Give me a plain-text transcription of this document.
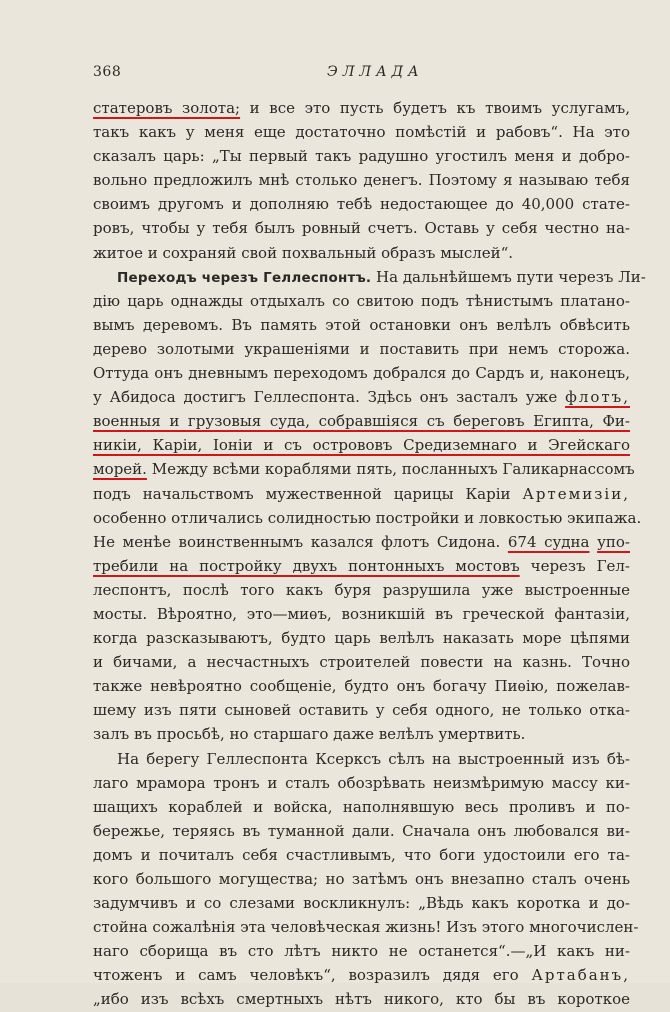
368	ЭЛЛАДА
статеровъ золота; и все это пусть будетъ къ твоимъ услугамъ,
такъ какъ у меня еще достаточно помѣстій и рабовъ“. На это
сказалъ царь: „Ты первый такъ радушно угостилъ меня и добро-
вольно предложилъ мнѣ столько денегъ. Поэтому я называю тебя
своимъ другомъ и дополняю тебѣ недостающее до 40,000 статe-
ровъ, чтобы у тебя былъ ровный счетъ. Оставь у себя честно на-
житое и сохраняй свой похвальный образъ мыслей“.
Переходъ черезъ Геллеспонтъ. На дальнѣйшемъ пути черезъ Ли-
дію царь однажды отдыхалъ со свитою подъ тѣнистымъ платано-
вымъ деревомъ. Въ память этой остановки онъ велѣлъ обвѣсить
дерево золотыми украшеніями и поставить при немъ сторожа.
Оттуда онъ дневнымъ переходомъ добрался до Сардъ и, наконецъ,
у Абидоса достигъ Геллеспонта. Здѣсь онъ засталъ уже флотъ,
военныя и грузовыя суда, собравшіяся съ береговъ Египта, Фи-
никіи, Каріи, Іоніи и съ острововъ Средиземнаго и Эгейскаго
морей. Между всѣми кораблями пять, посланныхъ Галикарнассомъ
подъ начальствомъ мужественной царицы Каріи Артемизіи,
особенно отличались солидностью постройки и ловкостью экипажа.
Не менѣе воинственнымъ казался флотъ Сидона. 674 судна упо-
требили на постройку двухъ понтонныхъ мостовъ черезъ Гел-
леспонтъ, послѣ того какъ буря разрушила уже выстроенные
мосты. Вѣроятно, это—миѳъ, возникшій въ греческой фантазіи,
когда разсказываютъ, будто царь велѣлъ наказать море цѣпями
и бичами, а несчастныхъ строителей повести на казнь. Точно
также невѣроятно сообщеніе, будто онъ богачу Пиѳію, пожелав-
шему изъ пяти сыновей оставить у себя одного, не только отка-
залъ въ просьбѣ, но старшаго даже велѣлъ умертвить.
На берегу Геллеспонта Ксерксъ сѣлъ на выстроенный изъ бѣ-
лаго мрамора тронъ и сталъ обозрѣвать неизмѣримую массу ки-
шащихъ кораблей и войска, наполнявшую весь проливъ и по-
бережье, теряясь въ туманной дали. Сначала онъ любовался ви-
домъ и почиталъ себя счастливымъ, что боги удостоили его та-
кого большого могущества; но затѣмъ онъ внезапно сталъ очень
задумчивъ и со слезами воскликнулъ: „Вѣдь какъ коротка и до-
стойна сожалѣнія эта человѣческая жизнь! Изъ этого многочислен-
наго сборища въ сто лѣтъ никто не останется“.—„И какъ ни-
чтоженъ и самъ человѣкъ“, возразилъ дядя его Артабанъ,
„ибо изъ всѣхъ смертныхъ нѣтъ никого, кто бы въ короткое
